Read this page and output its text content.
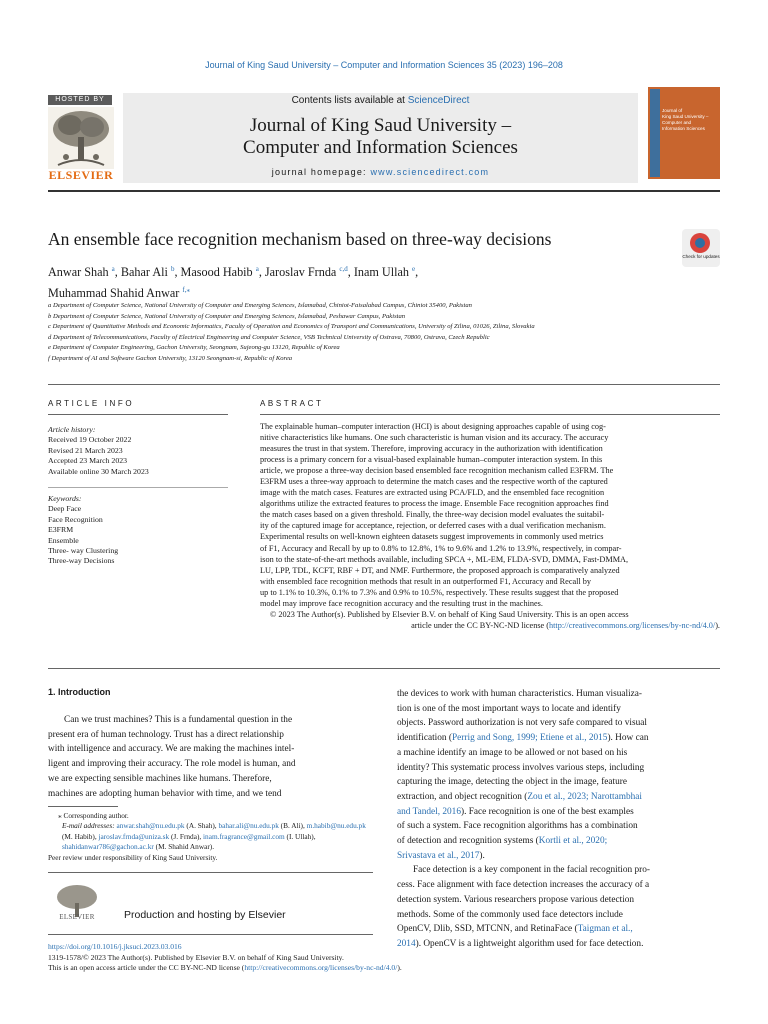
Journal of King Saud University – Computer and Information Sciences 35 (2023) 196–208
HOSTED BY
ELSEVIER
Contents lists available at ScienceDirect
Journal of King Saud University –
Computer and Information Sciences
journal homepage: www.sciencedirect.com
Journal of
King Saud University –
Computer and
Information Sciences
An ensemble face recognition mechanism based on three-way decisions
Check for updates
Anwar Shah $^a$, Bahar Ali $^b$, Masood Habib $^a$, Jaroslav Frnda $^{c,d}$, Inam Ullah $^e$,
Muhammad Shahid Anwar $^{f,⁎}$
a Department of Computer Science, National University of Computer and Emerging Sciences, Islamabad, Chiniot-Faisalabad Campus, Chiniot 35400, Pakistan
b Department of Computer Science, National University of Computer and Emerging Sciences, Islamabad, Peshawar Campus, Pakistan
c Department of Quantitative Methods and Economic Informatics, Faculty of Operation and Economics of Transport and Communications, University of Zilina, 01026, Zilina, Slovakia
d Department of Telecommunications, Faculty of Electrical Engineering and Computer Science, VSB Technical University of Ostrava, 70800, Ostrava, Czech Republic
e Department of Computer Engineering, Gachon University, Seongnam, Sujeong-gu 13120, Republic of Korea
f Department of AI and Software Gachon University, 13120 Seongnam-si, Republic of Korea
ARTICLE INFO
Article history:
Received 19 October 2022
Revised 21 March 2023
Accepted 23 March 2023
Available online 30 March 2023
Keywords:
Deep Face
Face Recognition
E3FRM
Ensemble
Three- way Clustering
Three-way Decisions
ABSTRACT
The explainable human–computer interaction (HCI) is about designing approaches capable of using cog-
nitive characteristics like humans. One such characteristic is human vision and its accuracy. The accuracy
measures the trust in that system. Therefore, improving accuracy in the authorization with identification
process is a primary concern for a visual-based explainable human–computer interaction system. In this
article, we propose a three-way decision based ensembled face recognition mechanism called E3FRM. The
E3FRM uses a three-way approach to determine the match cases and the respective worth of the captured
image with the match cases. Features are extracted using PCA/FLD, and the ensembled face recognition
algorithms utilize the extracted features to process the image. Ensemble Face recognition approaches find
the match cases based on a given threshold. Finally, the three-way decision model evaluates the suitabil-
ity of the captured image for acceptance, rejection, or deferred cases with a dual verification mechanism.
Experimental results on well-known eighteen datasets suggest improvements in commonly used metrics
of F1, Accuracy and Recall by up to 0.8% to 12.8%, 1% to 9.6% and 1.2% to 13.9%, respectively, in compar-
ison to the state-of-the-art methods available, including SPCA +, ML-EM, FLDA-SVD, DMMA, Fast-DMMA,
LU, LPP, TDL, KCFT, RBF + DT, and NMF. Furthermore, the proposed approach is comparatively analyzed
with ensembled face recognition methods that result in an outperformed F1, Accuracy and Recall by
up to 1.1% to 10.3%, 0.1% to 7.3% and 0.9% to 10.5%, respectively. These results suggest that the proposed
model may improve face recognition accuracy and the resulting trust in the machines.
© 2023 The Author(s). Published by Elsevier B.V. on behalf of King Saud University. This is an open access
article under the CC BY-NC-ND license (http://creativecommons.org/licenses/by-nc-nd/4.0/).
1. Introduction
Can we trust machines? This is a fundamental question in the
present era of human technology. Trust has a direct relationship
with intelligence and accuracy. We are making the machines intel-
ligent and improving their accuracy. The role model is human, and
we are expecting sensible machines like humans. Therefore,
machines are adopting human behavior with time, and we tend

⁎ Corresponding author.

E-mail addresses: anwar.shah@nu.edu.pk (A. Shah), bahar.ali@nu.edu.pk (B. Ali), m.habib@nu.edu.pk (M. Habib), jaroslav.frnda@uniza.sk (J. Frnda), inam.fragrance@gmail.com (I. Ullah), shahidanwar786@gachon.ac.kr (M. Shahid Anwar).

Peer review under responsibility of King Saud University.

ELSEVIER	Production and hosting by Elsevier
the devices to work with human characteristics. Human visualiza-
tion is one of the most important ways to locate and identify
objects. Password authorization is not very safe compared to visual
identification (Perrig and Song, 1999; Etiene et al., 2015). How can
a machine identify an image to be allowed or not based on his
identity? This systematic process involves various steps, including
capturing the image, detecting the object in the image, feature
extraction, and object recognition (Zou et al., 2023; Narottambhai
and Tandel, 2016). Face recognition is one of the best examples
of such a system. Face recognition algorithms has a combination
of detection and recognition systems (Kortli et al., 2020;
Srivastava et al., 2017).
Face detection is a key component in the facial recognition pro-
cess. Face alignment with face detection increases the accuracy of a
detection system. Various researchers propose various detection
methods. Some of the commonly used face detectors include
OpenCV, Dlib, SSD, MTCNN, and RetinaFace (Taigman et al.,
2014). OpenCV is a lightweight algorithm used for face detection.

https://doi.org/10.1016/j.jksuci.2023.03.016

1319-1578/© 2023 The Author(s). Published by Elsevier B.V. on behalf of King Saud University.

This is an open access article under the CC BY-NC-ND license (http://creativecommons.org/licenses/by-nc-nd/4.0/).
